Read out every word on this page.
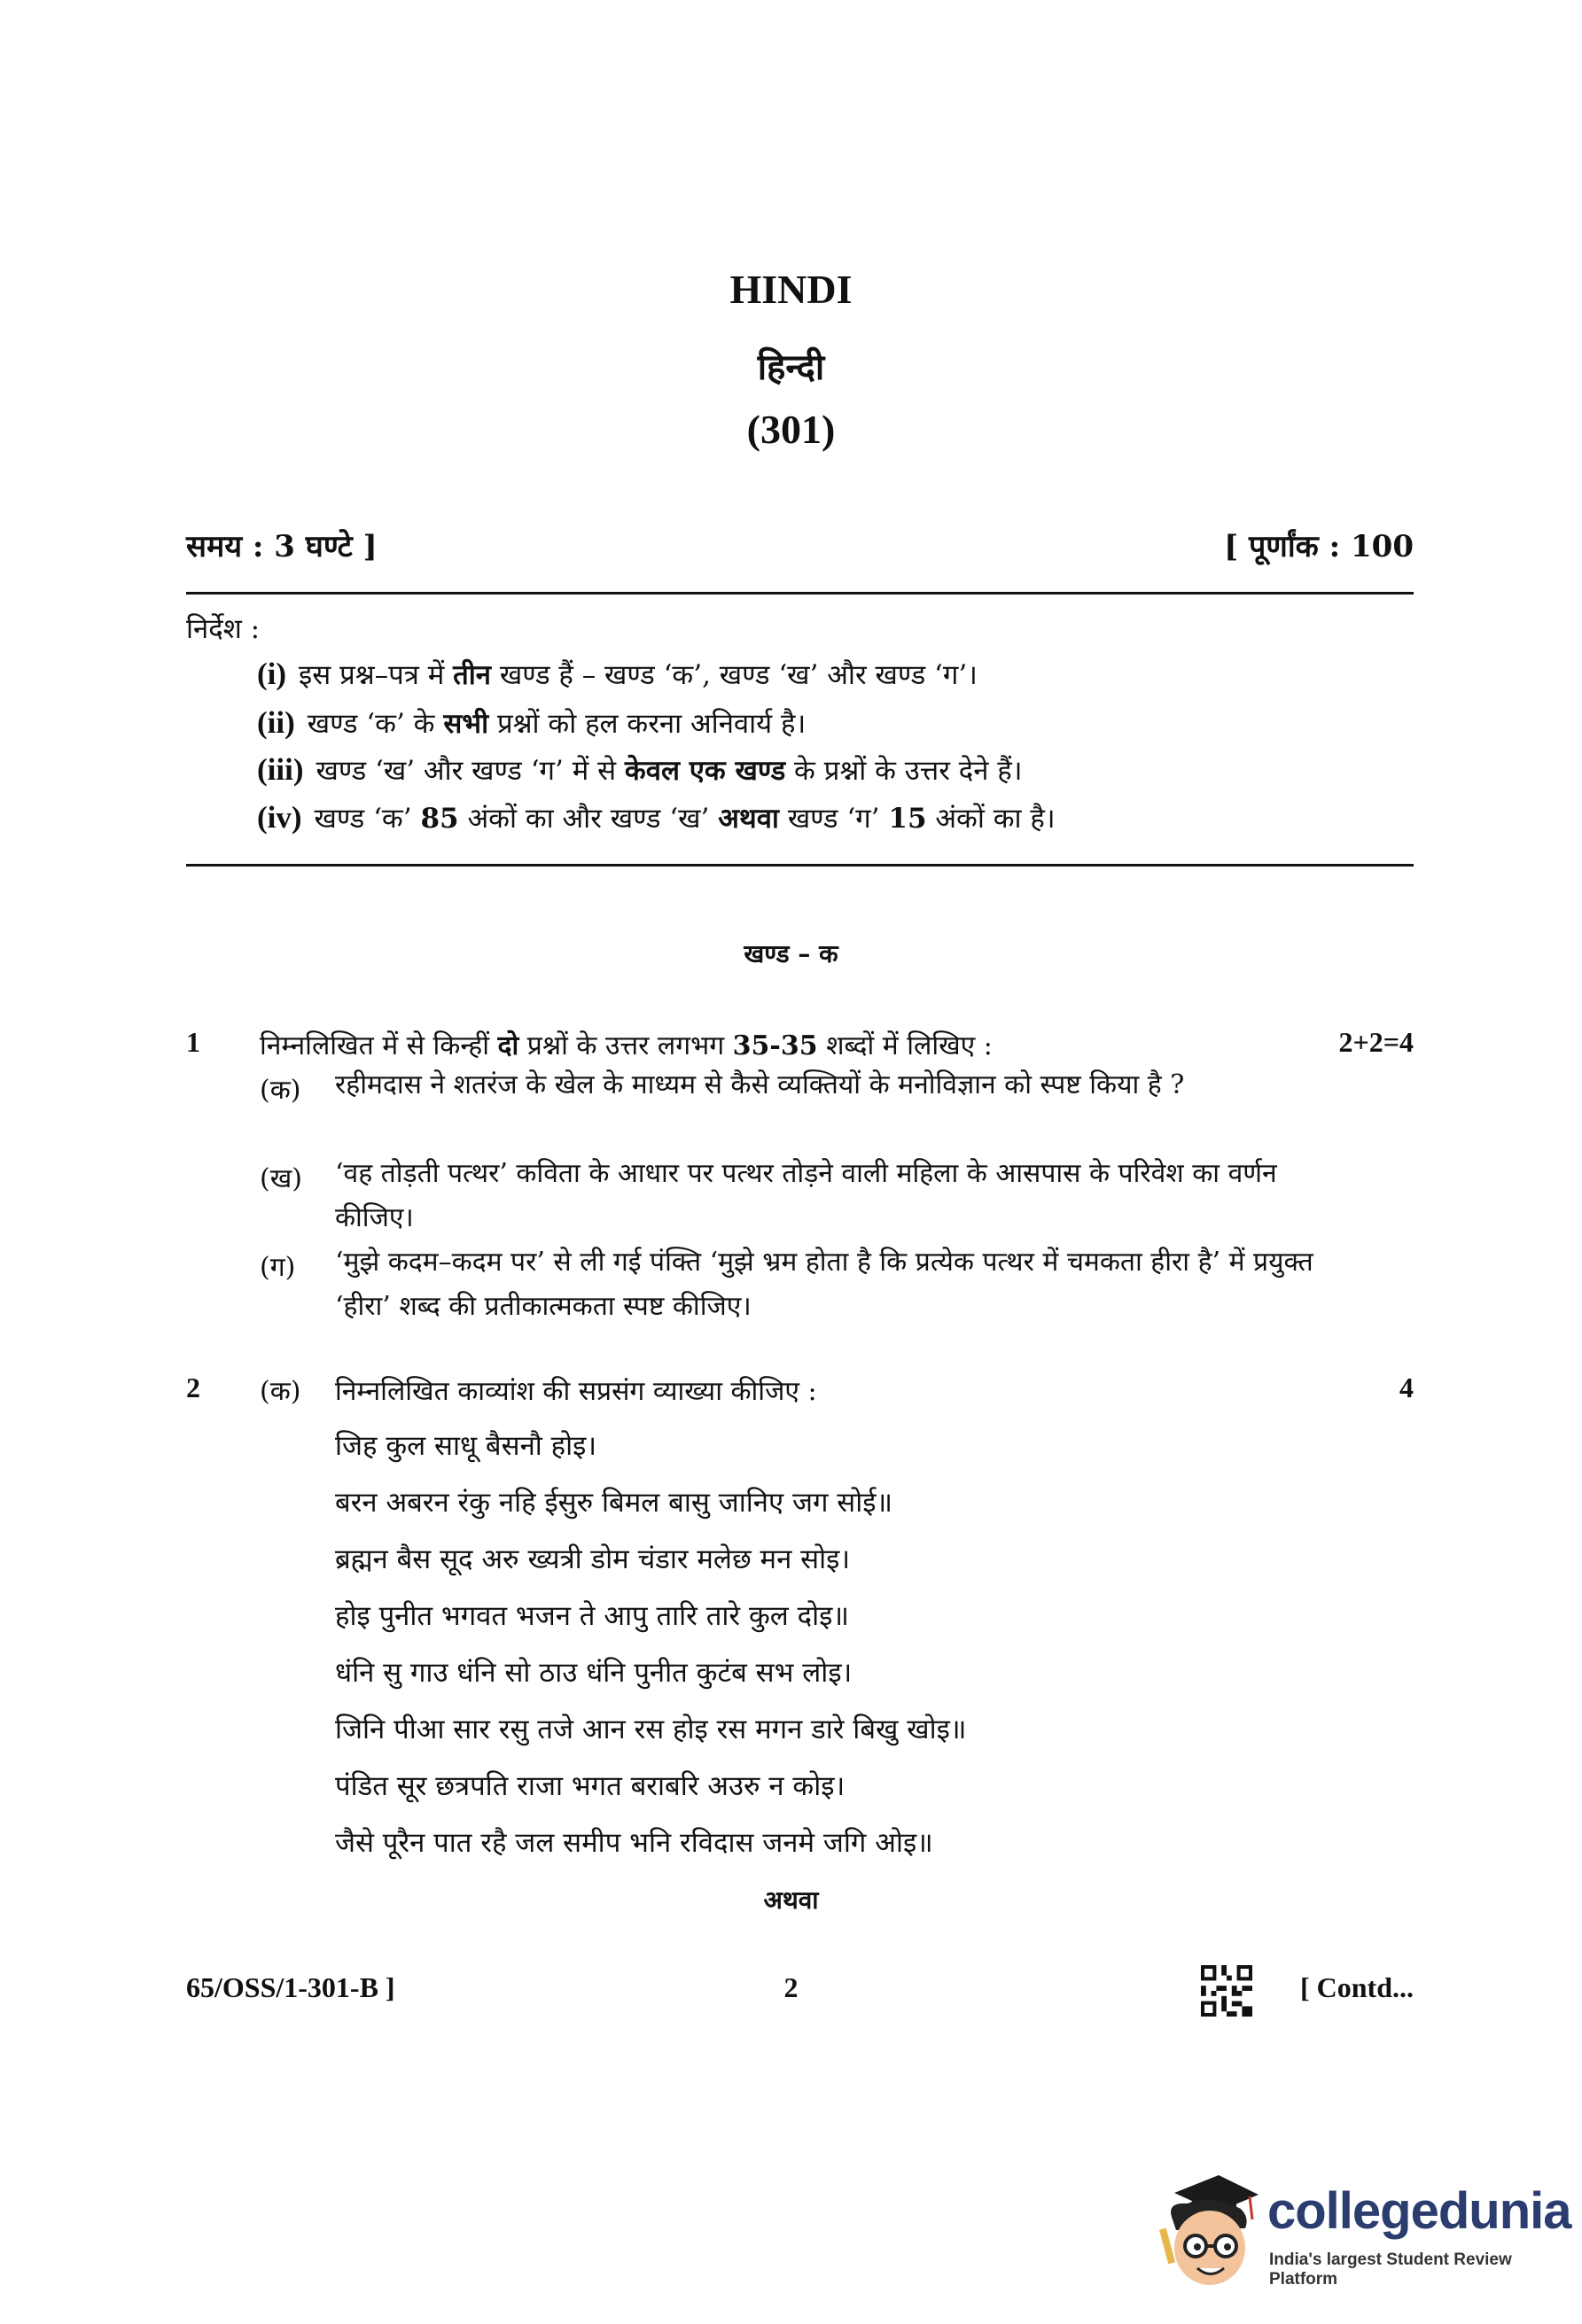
HINDI
हिन्दी
(301)
समय : 3 घण्टे ]	[ पूर्णांक : 100
निर्देश :
(i) इस प्रश्न–पत्र में तीन खण्ड हैं – खण्ड ‘क’, खण्ड ‘ख’ और खण्ड ‘ग’।
(ii) खण्ड ‘क’ के सभी प्रश्नों को हल करना अनिवार्य है।
(iii) खण्ड ‘ख’ और खण्ड ‘ग’ में से केवल एक खण्ड के प्रश्नों के उत्तर देने हैं।
(iv) खण्ड ‘क’ 85 अंकों का और खण्ड ‘ख’ अथवा खण्ड ‘ग’ 15 अंकों का है।
खण्ड – क
1 निम्नलिखित में से किन्हीं दो प्रश्नों के उत्तर लगभग 35-35 शब्दों में लिखिए :	2+2=4
(क) रहीमदास ने शतरंज के खेल के माध्यम से कैसे व्यक्तियों के मनोविज्ञान को स्पष्ट किया है ?
(ख) ‘वह तोड़ती पत्थर’ कविता के आधार पर पत्थर तोड़ने वाली महिला के आसपास के परिवेश का वर्णन कीजिए।
(ग) ‘मुझे कदम–कदम पर’ से ली गई पंक्ति ‘मुझे भ्रम होता है कि प्रत्येक पत्थर में चमकता हीरा है’ में प्रयुक्त ‘हीरा’ शब्द की प्रतीकात्मकता स्पष्ट कीजिए।
2 (क) निम्नलिखित काव्यांश की सप्रसंग व्याख्या कीजिए :	4
जिह कुल साधू बैसनौ होइ।
बरन अबरन रंकु नहि ईसुरु बिमल बासु जानिए जग सोई॥
ब्रह्मन बैस सूद अरु ख्यत्री डोम चंडार मलेछ मन सोइ।
होइ पुनीत भगवत भजन ते आपु तारि तारे कुल दोइ॥
धंनि सु गाउ धंनि सो ठाउ धंनि पुनीत कुटंब सभ लोइ।
जिनि पीआ सार रसु तजे आन रस होइ रस मगन डारे बिखु खोइ॥
पंडित सूर छत्रपति राजा भगत बराबरि अउरु न कोइ।
जैसे पूरैन पात रहै जल समीप भनि रविदास जनमे जगि ओइ॥
अथवा
65/OSS/1-301-B ]	2	[ Contd...
collegedunia
India's largest Student Review Platform
